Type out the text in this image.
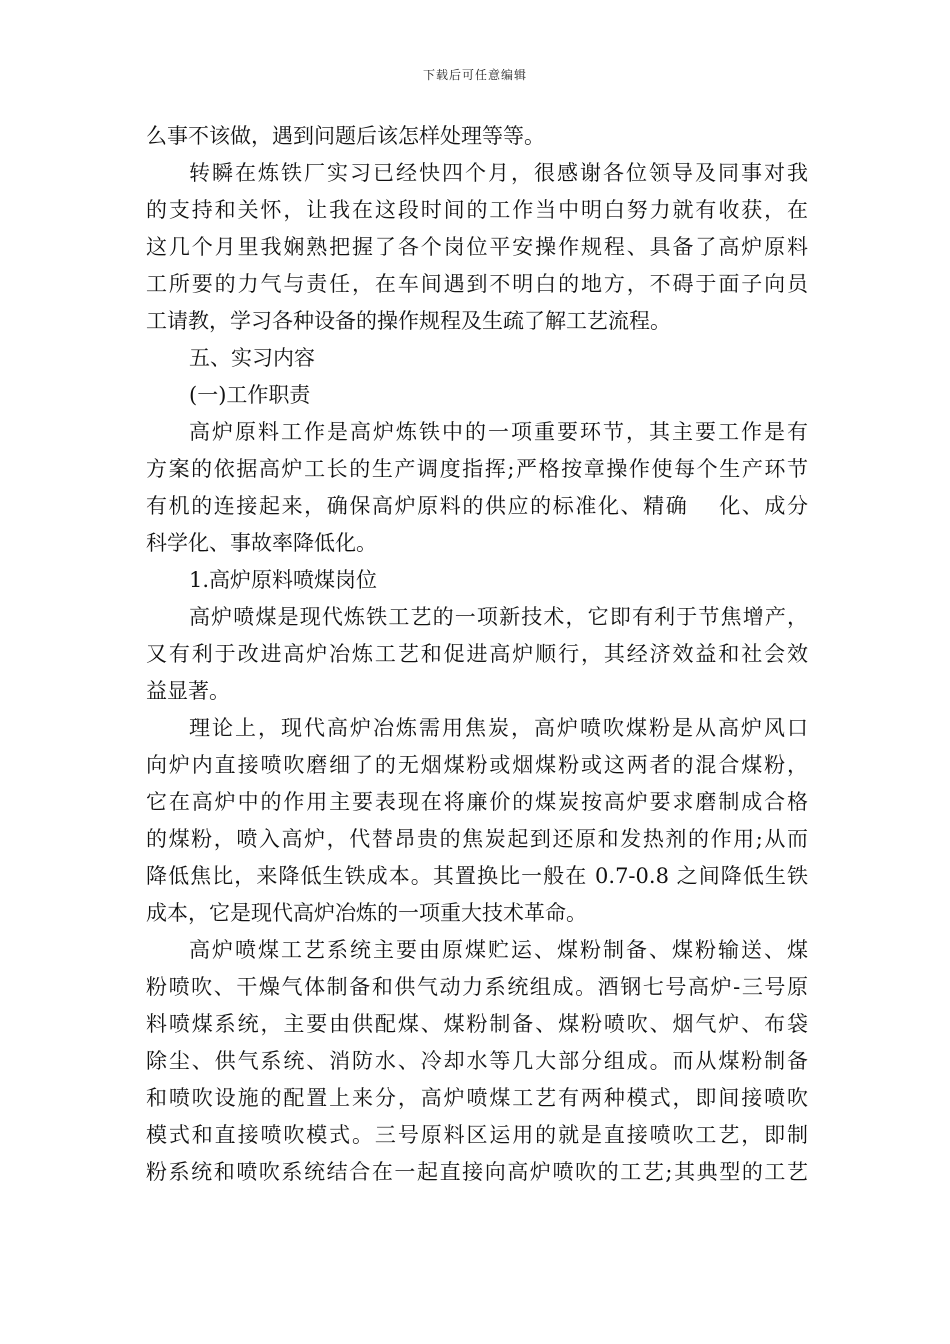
下载后可任意编辑
么事不该做，遇到问题后该怎样处理等等。
转瞬在炼铁厂实习已经快四个月，很感谢各位领导及同事对我
的支持和关怀，让我在这段时间的工作当中明白努力就有收获，在
这几个月里我娴熟把握了各个岗位平安操作规程、具备了高炉原料
工所要的力气与责任，在车间遇到不明白的地方，不碍于面子向员
工请教，学习各种设备的操作规程及生疏了解工艺流程。
五、实习内容
(一)工作职责
高炉原料工作是高炉炼铁中的一项重要环节，其主要工作是有
方案的依据高炉工长的生产调度指挥;严格按章操作使每个生产环节
有机的连接起来，确保高炉原料的供应的标准化、精确　 化、成分
科学化、事故率降低化。
1.高炉原料喷煤岗位
高炉喷煤是现代炼铁工艺的一项新技术，它即有利于节焦增产，
又有利于改进高炉冶炼工艺和促进高炉顺行，其经济效益和社会效
益显著。
理论上，现代高炉冶炼需用焦炭，高炉喷吹煤粉是从高炉风口
向炉内直接喷吹磨细了的无烟煤粉或烟煤粉或这两者的混合煤粉，
它在高炉中的作用主要表现在将廉价的煤炭按高炉要求磨制成合格
的煤粉，喷入高炉，代替昂贵的焦炭起到还原和发热剂的作用;从而
降低焦比，来降低生铁成本。其置换比一般在 0.7-0.8 之间降低生铁
成本，它是现代高炉冶炼的一项重大技术革命。
高炉喷煤工艺系统主要由原煤贮运、煤粉制备、煤粉输送、煤
粉喷吹、干燥气体制备和供气动力系统组成。酒钢七号高炉-三号原
料喷煤系统，主要由供配煤、煤粉制备、煤粉喷吹、烟气炉、布袋
除尘、供气系统、消防水、冷却水等几大部分组成。而从煤粉制备
和喷吹设施的配置上来分，高炉喷煤工艺有两种模式，即间接喷吹
模式和直接喷吹模式。三号原料区运用的就是直接喷吹工艺，即制
粉系统和喷吹系统结合在一起直接向高炉喷吹的工艺;其典型的工艺
